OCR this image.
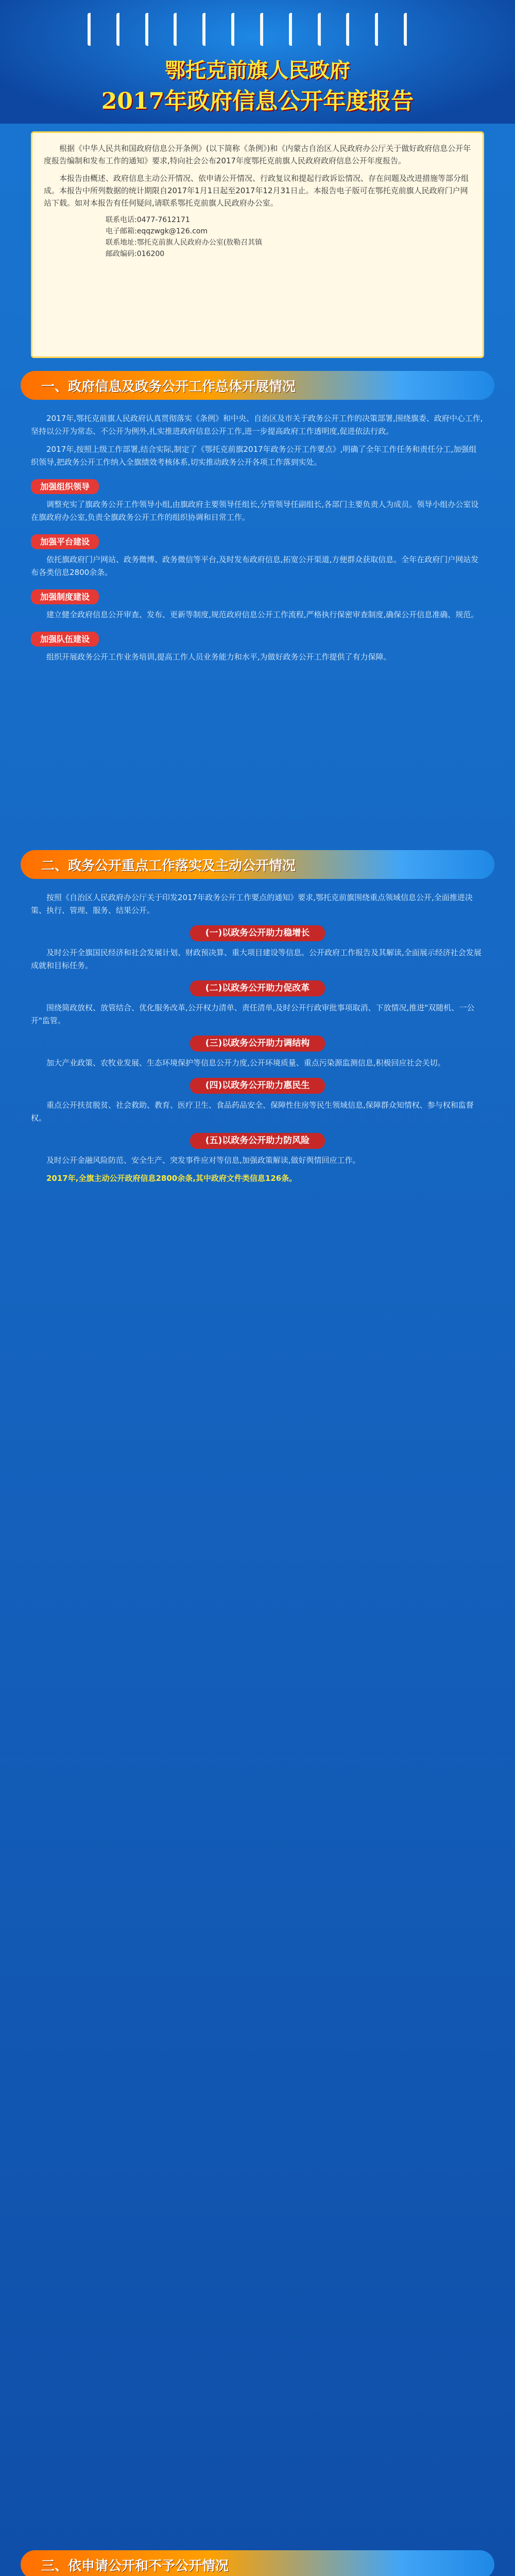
鄂托克前旗人民政府
2017年政府信息公开年度报告

根据《中华人民共和国政府信息公开条例》(以下简称《条例》)和《内蒙古自治区人民政府办公厅关于做好政府信息公开年度报告编制和发布工作的通知》要求,特向社会公布2017年度鄂托克前旗人民政府政府信息公开年度报告。

本报告由概述、政府信息主动公开情况、依申请公开情况、行政复议和提起行政诉讼情况、存在问题及改进措施等部分组成。本报告中所列数据的统计期限自2017年1月1日起至2017年12月31日止。本报告电子版可在鄂托克前旗人民政府门户网站下载。如对本报告有任何疑问,请联系鄂托克前旗人民政府办公室。

联系电话:0477-7612171
电子邮箱:eqqzwgk@126.com
联系地址:鄂托克前旗人民政府办公室(敖勒召其镇
邮政编码:016200
一、政府信息及政务公开工作总体开展情况

2017年,鄂托克前旗人民政府认真贯彻落实《条例》和中央、自治区及市关于政务公开工作的决策部署,围绕旗委、政府中心工作,坚持以公开为常态、不公开为例外,扎实推进政府信息公开工作,进一步提高政府工作透明度,促进依法行政。

2017年,按照上级工作部署,结合实际,制定了《鄂托克前旗2017年政务公开工作要点》,明确了全年工作任务和责任分工,加强组织领导,把政务公开工作纳入全旗绩效考核体系,切实推动政务公开各项工作落到实处。

加强组织领导

调整充实了旗政务公开工作领导小组,由旗政府主要领导任组长,分管领导任副组长,各部门主要负责人为成员。领导小组办公室设在旗政府办公室,负责全旗政务公开工作的组织协调和日常工作。

加强平台建设

依托旗政府门户网站、政务微博、政务微信等平台,及时发布政府信息,拓宽公开渠道,方便群众获取信息。全年在政府门户网站发布各类信息2800余条。

加强制度建设

建立健全政府信息公开审查、发布、更新等制度,规范政府信息公开工作流程,严格执行保密审查制度,确保公开信息准确、规范。

加强队伍建设

组织开展政务公开工作业务培训,提高工作人员业务能力和水平,为做好政务公开工作提供了有力保障。

二、政务公开重点工作落实及主动公开情况

按照《自治区人民政府办公厅关于印发2017年政务公开工作要点的通知》要求,鄂托克前旗围绕重点领域信息公开,全面推进决策、执行、管理、服务、结果公开。

(一)以政务公开助力稳增长

及时公开全旗国民经济和社会发展计划、财政预决算、重大项目建设等信息。公开政府工作报告及其解读,全面展示经济社会发展成就和目标任务。

(二)以政务公开助力促改革

围绕简政放权、放管结合、优化服务改革,公开权力清单、责任清单,及时公开行政审批事项取消、下放情况,推进"双随机、一公开"监管。

(三)以政务公开助力调结构

加大产业政策、农牧业发展、生态环境保护等信息公开力度,公开环境质量、重点污染源监测信息,积极回应社会关切。

(四)以政务公开助力惠民生

重点公开扶贫脱贫、社会救助、教育、医疗卫生、食品药品安全、保障性住房等民生领域信息,保障群众知情权、参与权和监督权。

(五)以政务公开助力防风险

及时公开金融风险防范、安全生产、突发事件应对等信息,加强政策解读,做好舆情回应工作。

2017年,全旗主动公开政府信息2800余条,其中政府文件类信息126条。

三、依申请公开和不予公开情况
